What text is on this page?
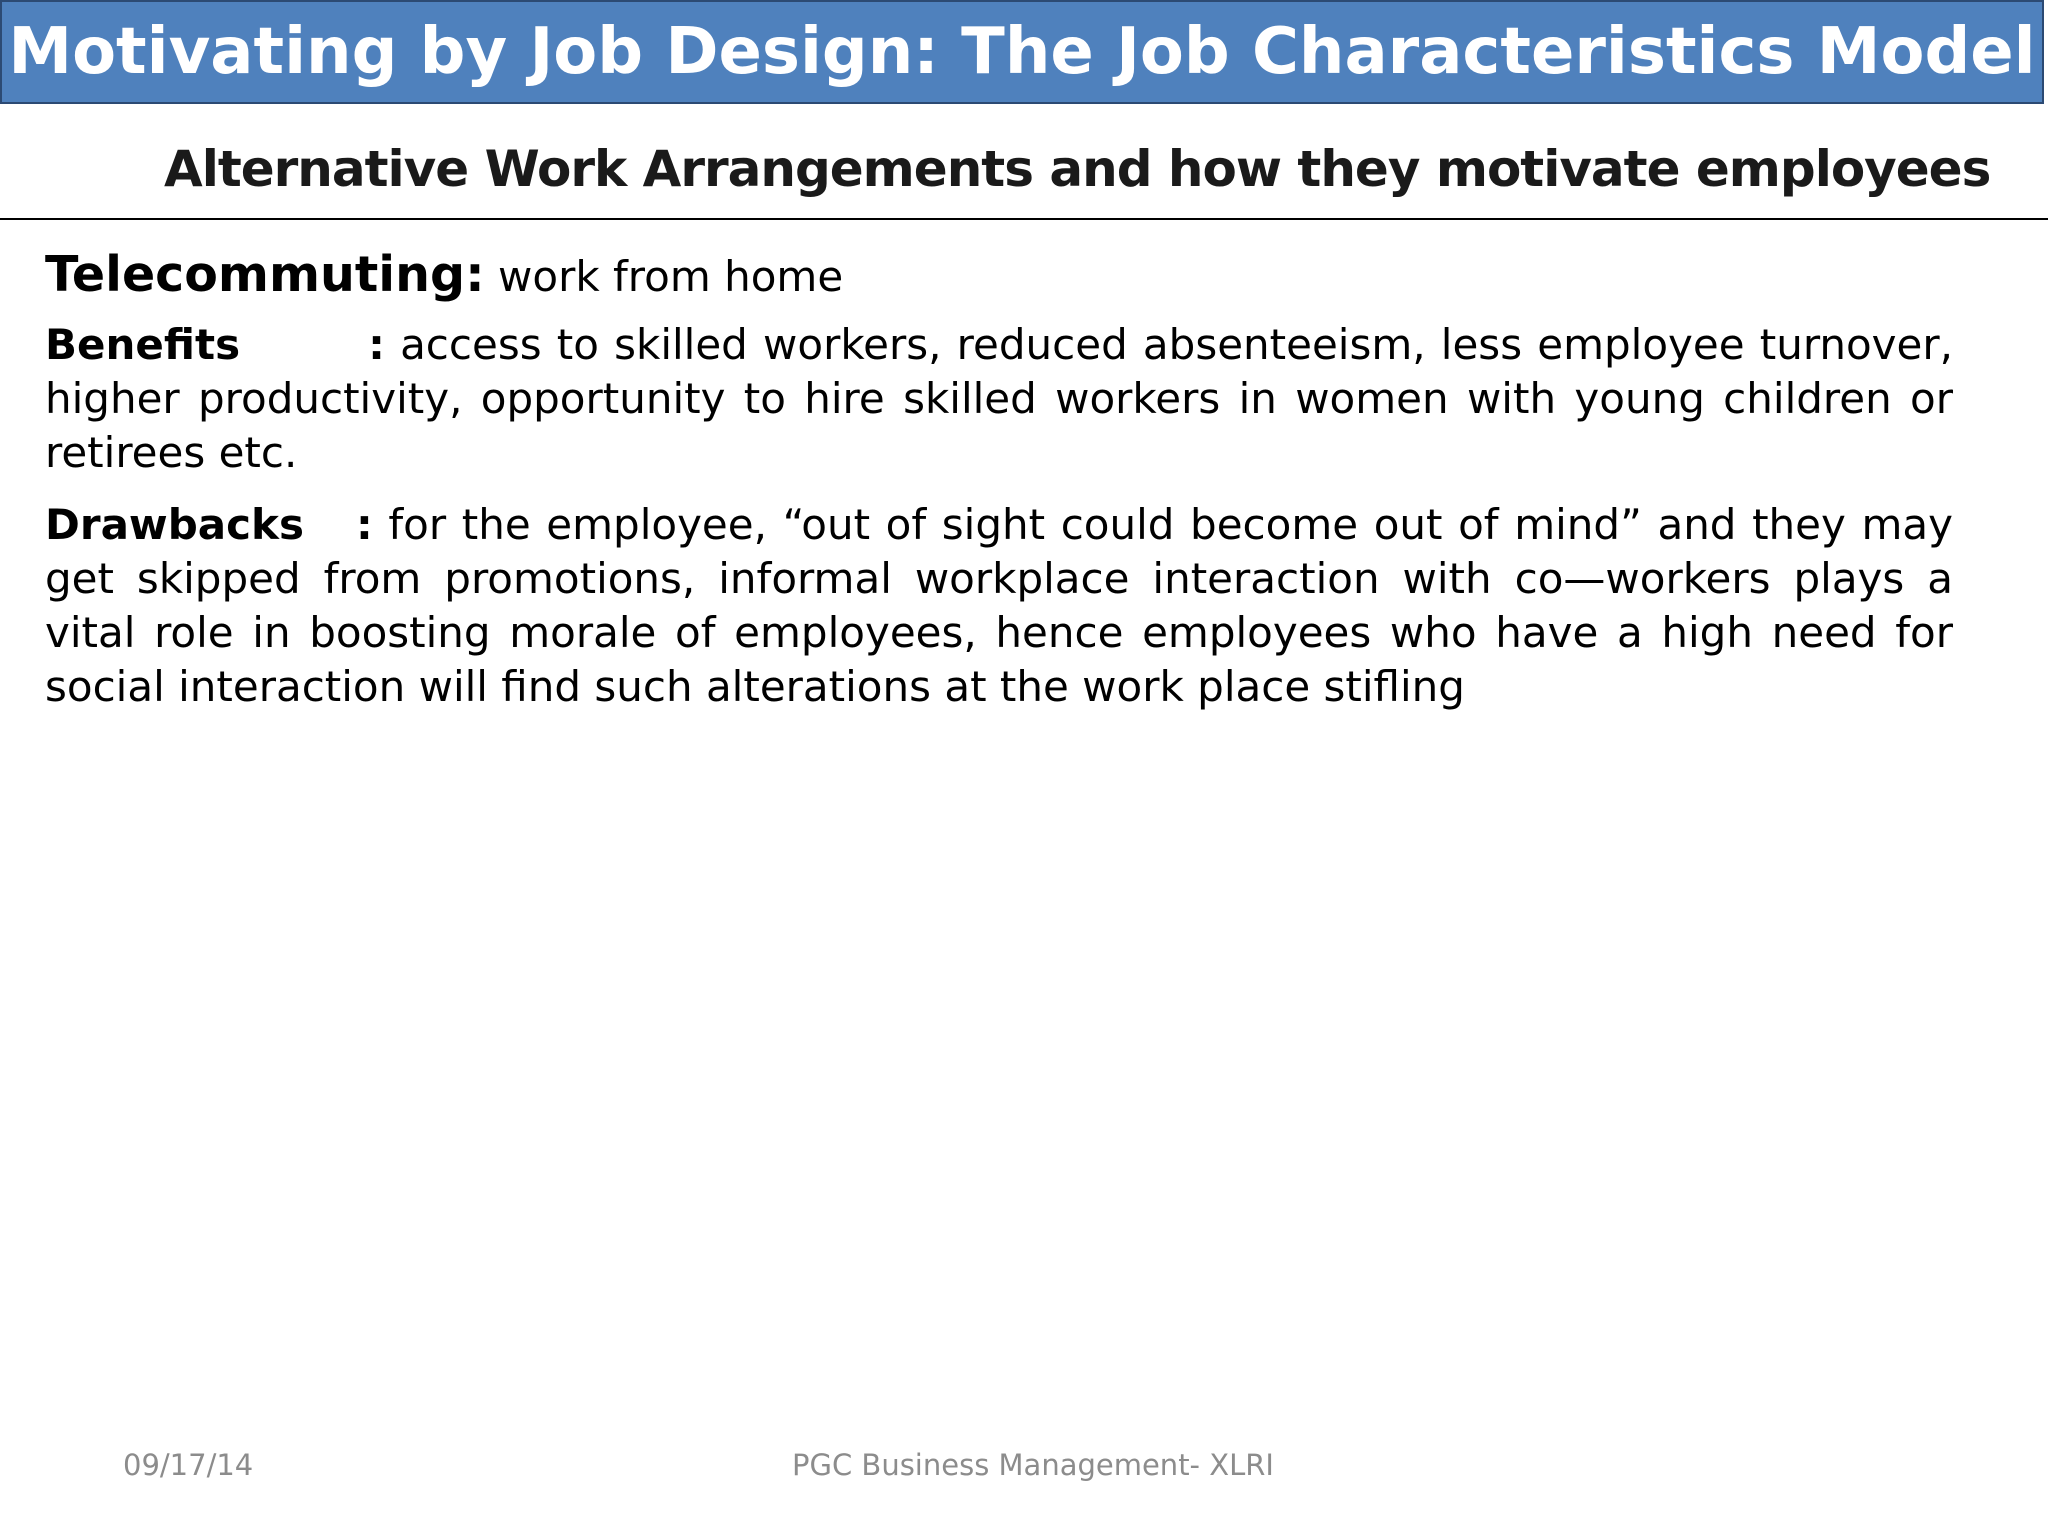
Motivating by Job Design: The Job Characteristics Model
Alternative Work Arrangements and how they motivate employees
Telecommuting: work from home
Benefits	: access to skilled workers, reduced absenteeism, less employee turnover, higher productivity, opportunity to hire skilled workers in women with young children or retirees etc.
Drawbacks : for the employee, “out of sight could become out of mind” and they may get skipped from promotions, informal workplace interaction with co—workers plays a vital role in boosting morale of employees, hence employees who have a high need for social interaction will find such alterations at the work place stifling
09/17/14	PGC Business Management- XLRI
